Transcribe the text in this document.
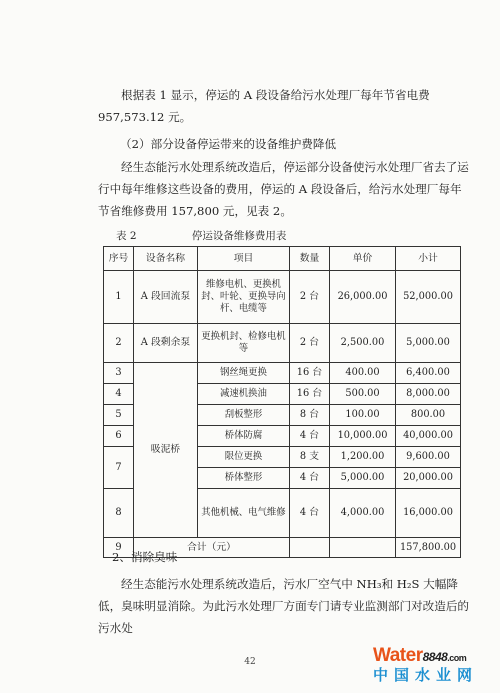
根据表 1 显示，停运的 A 段设备给污水处理厂每年节省电费 957,573.12 元。

（2）部分设备停运带来的设备维护费降低

经生态能污水处理系统改造后，停运部分设备使污水处理厂省去了运行中每年维修这些设备的费用，停运的 A 段设备后，给污水处理厂每年节省维修费用 157,800 元，见表 2。

表 2	停运设备维修费用表
序号	设备名称	项目	数量	单价	小计
1	A 段回流泵	维修电机、更换机封、叶轮、更换导向杆、电缆等	2 台	26,000.00	52,000.00
2	A 段剩余泵	更换机封、检修电机等	2 台	2,500.00	5,000.00
3	吸泥桥	钢丝绳更换	16 台	400.00	6,400.00
4		减速机换油	16 台	500.00	8,000.00
5		刮板整形	8 台	100.00	800.00
6		桥体防腐	4 台	10,000.00	40,000.00
7		限位更换	8 支	1,200.00	9,600.00
		桥体整形	4 台	5,000.00	20,000.00
8		其他机械、电气维修	4 台	4,000.00	16,000.00
9	合计（元）				157,800.00

2、消除臭味

经生态能污水处理系统改造后，污水厂空气中 NH₃和 H₂S 大幅降低，臭味明显消除。为此污水处理厂方面专门请专业监测部门对改造后的污水处

42	Water8848.com
中国水业网
